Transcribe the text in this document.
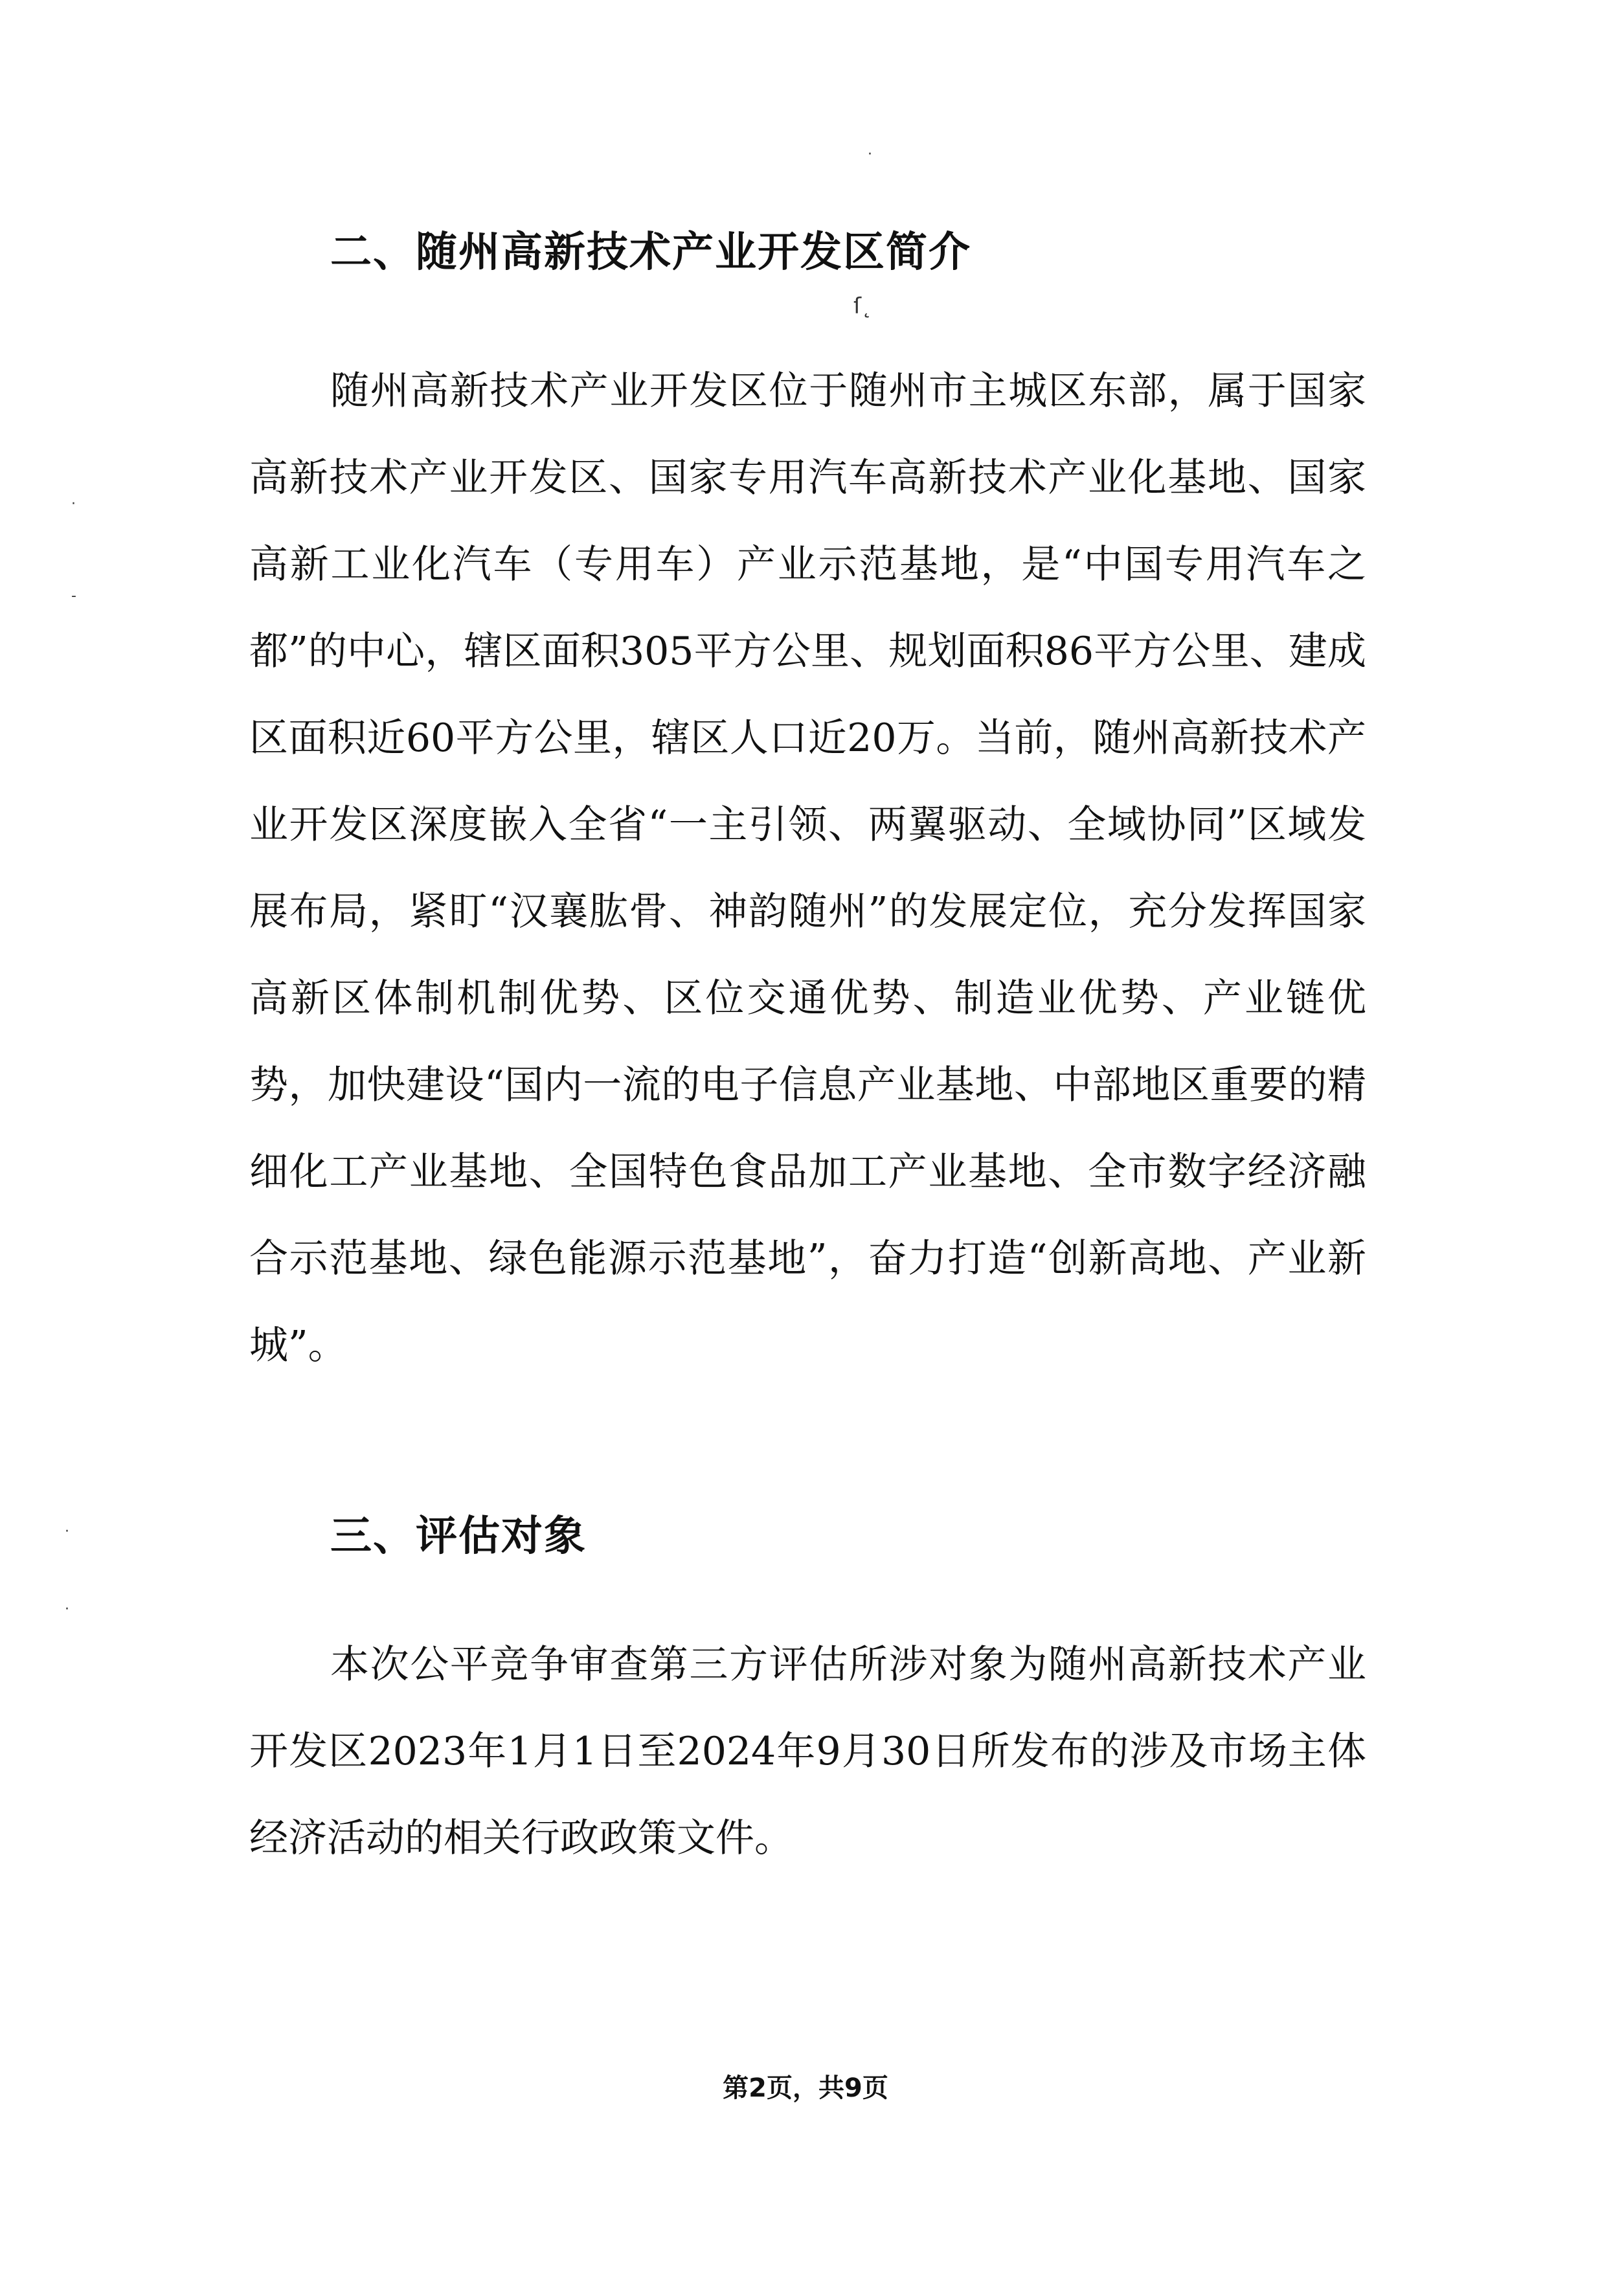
二、随州高新技术产业开发区简介

随州高新技术产业开发区位于随州市主城区东部，属于国家高新技术产业开发区、国家专用汽车高新技术产业化基地、国家高新工业化汽车（专用车）产业示范基地，是“中国专用汽车之都”的中心，辖区面积305平方公里、规划面积86平方公里、建成区面积近60平方公里，辖区人口近20万。当前，随州高新技术产业开发区深度嵌入全省“一主引领、两翼驱动、全域协同”区域发展布局，紧盯“汉襄肱骨、神韵随州”的发展定位，充分发挥国家高新区体制机制优势、区位交通优势、制造业优势、产业链优势，加快建设“国内一流的电子信息产业基地、中部地区重要的精细化工产业基地、全国特色食品加工产业基地、全市数字经济融合示范基地、绿色能源示范基地”，奋力打造“创新高地、产业新城”。

三、评估对象

本次公平竞争审查第三方评估所涉对象为随州高新技术产业开发区2023年1月1日至2024年9月30日所发布的涉及市场主体经济活动的相关行政政策文件。

第2页，共9页
·
ſ˛
·
-
·
·
